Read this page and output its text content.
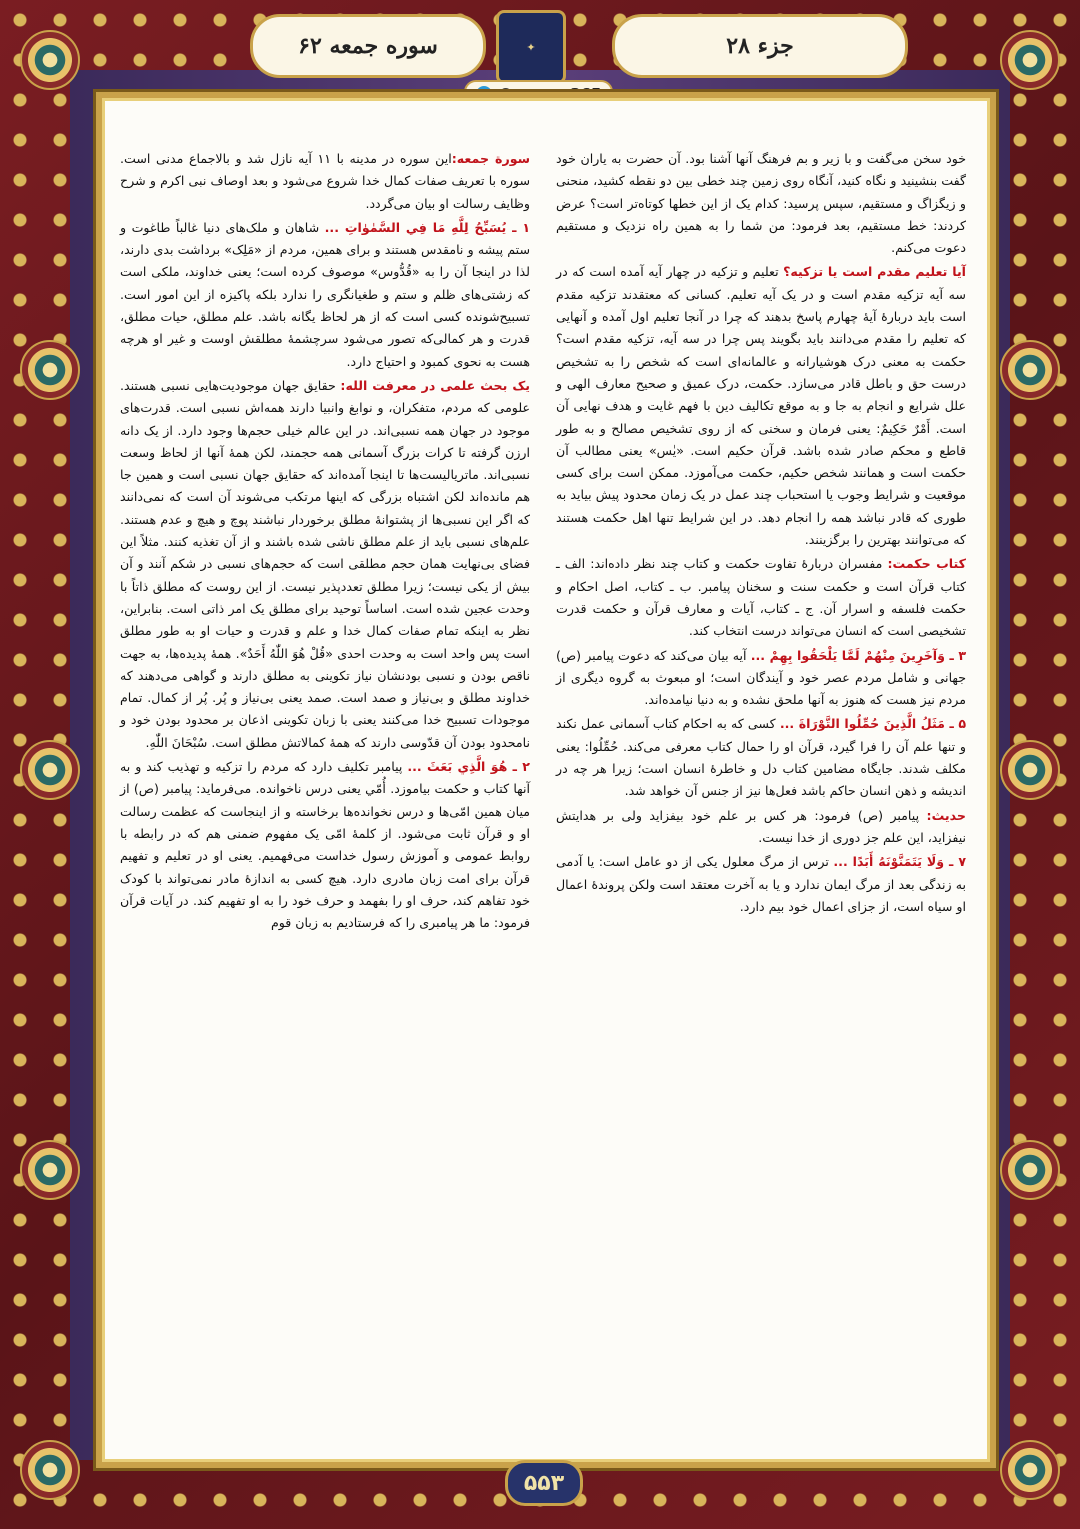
جزء ۲۸
✦
سوره جمعه ۶۲

سورة جمعه:این سوره در مدینه با ۱۱ آیه نازل شد و بالاجماع مدنی است. سوره با تعریف صفات کمال خدا شروع می‌شود و بعد اوصاف نبی اکرم و شرح وظایف رسالت او بیان می‌گردد.

۱ ـ يُسَبِّحُ لِلَّهِ مَا فِي السَّمٰوٰاتِ ... شاهان و ملک‌های دنیا غالباً طاغوت و ستم پیشه و نامقدس هستند و برای همین، مردم از «مَلِک» برداشت بدی دارند، لذا در اینجا آن را به «قُدُّوس» موصوف کرده است؛ یعنی خداوند، ملکی است که زشتی‌های ظلم و ستم و طغیانگری را ندارد بلکه پاکیزه از این امور است. تسبیح‌شونده کسی است که از هر لحاظ یگانه باشد. علم مطلق، حیات مطلق، قدرت و هر کمالی‌که تصور می‌شود سرچشمهٔ مطلقش اوست و غیر او هرچه هست به نحوی کمبود و احتیاج دارد.

یک بحث علمی در معرفت الله: حقایق جهان موجودیت‌هایی نسبی هستند. علومی که مردم، متفکران، و نوابغ وانبیا دارند همه‌اش نسبی است. قدرت‌های موجود در جهان همه نسبی‌اند. در این عالم خیلی حجم‌ها وجود دارد. از یک دانه ارزن گرفته تا کرات بزرگ آسمانی همه حجمند، لکن همهٔ آنها از لحاظ وسعت نسبی‌اند. ماتریالیست‌ها تا اینجا آمده‌اند که حقایق جهان نسبی است و همین جا هم مانده‌اند لکن اشتباه بزرگی که اینها مرتکب می‌شوند آن است که نمی‌دانند که اگر این نسبی‌ها از پشتوانهٔ مطلق برخوردار نباشند پوچ و هیچ و عدم هستند. علم‌های نسبی باید از علم مطلق ناشی شده باشند و از آن تغذیه کنند. مثلاً این فضای بی‌نهایت همان حجم مطلقی است که حجم‌های نسبی در شکم آنند و آن بیش از یکی نیست؛ زیرا مطلق تعددپذیر نیست. از این روست که مطلق ذاتاً با وحدت عجین شده است. اساساً توحید برای مطلق یک امر ذاتی است. بنابراین، نظر به اینکه تمام صفات کمال خدا و علم و قدرت و حیات او به طور مطلق است پس واحد است به وحدت احدی «قُلْ هُوَ اللّٰهُ أَحَدٌ». همهٔ پدیده‌ها، به جهت ناقص بودن و نسبی بودنشان نیاز تکوینی به مطلق دارند و گواهی می‌دهند که خداوند مطلق و بی‌نیاز و صمد است. صمد یعنی بی‌نیاز و پُر. پُر از کمال. تمام موجودات تسبیح خدا می‌کنند یعنی با زبان تکوینی اذعان بر محدود بودن خود و نامحدود بودن آن قدّوسی دارند که همهٔ کمالاتش مطلق است. سُبْحَانَ اللّٰهِ.

۲ ـ هُوَ الَّذِي بَعَثَ ... پیامبر تکلیف دارد که مردم را تزکیه و تهذیب کند و به آنها کتاب و حکمت بیاموزد. أُمّي یعنی درس ناخوانده. می‌فرماید: پیامبر (ص) از میان همین امّی‌ها و درس نخوانده‌ها برخاسته و از اینجاست که عظمت رسالت او و قرآن ثابت می‌شود. از کلمهٔ امّی یک مفهوم ضمنی هم که در رابطه با روابط عمومی و آموزش رسول خداست می‌فهمیم. یعنی او در تعلیم و تفهیم قرآن برای امت زبان مادری دارد. هیچ کسی به اندازهٔ مادر نمی‌تواند با کودک خود تفاهم کند، حرف او را بفهمد و حرف خود را به او تفهیم کند. در آیات قرآن فرمود: ما هر پیامبری را که فرستادیم به زبان قوم

خود سخن می‌گفت و با زیر و بم فرهنگ آنها آشنا بود. آن حضرت به یاران خود گفت بنشینید و نگاه کنید، آنگاه روی زمین چند خطی بین دو نقطه کشید، منحنی و زیگزاگ و مستقیم، سپس پرسید: کدام یک از این خطها کوتاه‌تر است؟ عرض کردند: خط مستقیم، بعد فرمود: من شما را به همین راه نزدیک و مستقیم دعوت می‌کنم.

آیا تعلیم مقدم است یا تزکیه؟ تعلیم و تزکیه در چهار آیه آمده است که در سه آیه تزکیه مقدم است و در یک آیه تعلیم. کسانی که معتقدند تزکیه مقدم است باید دربارهٔ آیهٔ چهارم پاسخ بدهند که چرا در آنجا تعلیم اول آمده و آنهایی که تعلیم را مقدم می‌دانند باید بگویند پس چرا در سه آیه، تزکیه مقدم است؟ حکمت به معنی درک هوشیارانه و عالمانه‌ای است که شخص را به تشخیص درست حق و باطل قادر می‌سازد. حکمت، درک عمیق و صحیح معارف الهی و علل شرایع و انجام به جا و به موقع تکالیف دین با فهم غایت و هدف نهایی آن است. أَمْرٌ حَكِيمٌ: یعنی فرمان و سخنی که از روی تشخیص مصالح و به طور قاطع و محکم صادر شده باشد. قرآن حکیم است. «يٰس» یعنی مطالب آن حکمت است و همانند شخص حکیم، حکمت می‌آموزد. ممکن است برای کسی موقعیت و شرایط وجوب یا استحباب چند عمل در یک زمان محدود پیش بیاید به طوری که قادر نباشد همه را انجام دهد. در این شرایط تنها اهل حکمت هستند که می‌توانند بهترین را برگزینند.

کتاب حکمت: مفسران دربارهٔ تفاوت حکمت و کتاب چند نظر داده‌اند: الف ـ کتاب قرآن است و حکمت سنت و سخنان پیامبر. ب ـ کتاب، اصل احکام و حکمت فلسفه و اسرار آن. ج ـ کتاب، آیات و معارف قرآن و حکمت قدرت تشخیصی است که انسان می‌تواند درست انتخاب کند.

۳ ـ وَآخَرِينَ مِنْهُمْ لَمَّا يَلْحَقُوا بِهِمْ ... آیه بیان می‌کند که دعوت پیامبر (ص) جهانی و شامل مردم عصر خود و آیندگان است؛ او مبعوث به گروه دیگری از مردم نیز هست که هنوز به آنها ملحق نشده و به دنیا نیامده‌اند.

۵ ـ مَثَلُ الَّذِينَ حُمِّلُوا التَّوْرَاةَ ... کسی که به احکام کتاب آسمانی عمل نکند و تنها علم آن را فرا گیرد، قرآن او را حمال کتاب معرفی می‌کند. حُمِّلُوا: یعنی مکلف شدند. جایگاه مضامین کتاب دل و خاطرهٔ انسان است؛ زیرا هر چه در اندیشه و ذهن انسان حاکم باشد فعل‌ها نیز از جنس آن خواهد شد.

حدیث: پیامبر (ص) فرمود: هر کس بر علم خود بیفزاید ولی بر هدایتش نیفزاید، این علم جز دوری از خدا نیست.

۷ ـ وَلَا يَتَمَنَّوْنَهُ أَبَدًا ... ترس از مرگ معلول یکی از دو عامل است: یا آدمی به زندگی بعد از مرگ ایمان ندارد و یا به آخرت معتقد است ولکن پروندهٔ اعمال او سیاه است، از جزای اعمال خود بیم دارد.

۵۵۳
